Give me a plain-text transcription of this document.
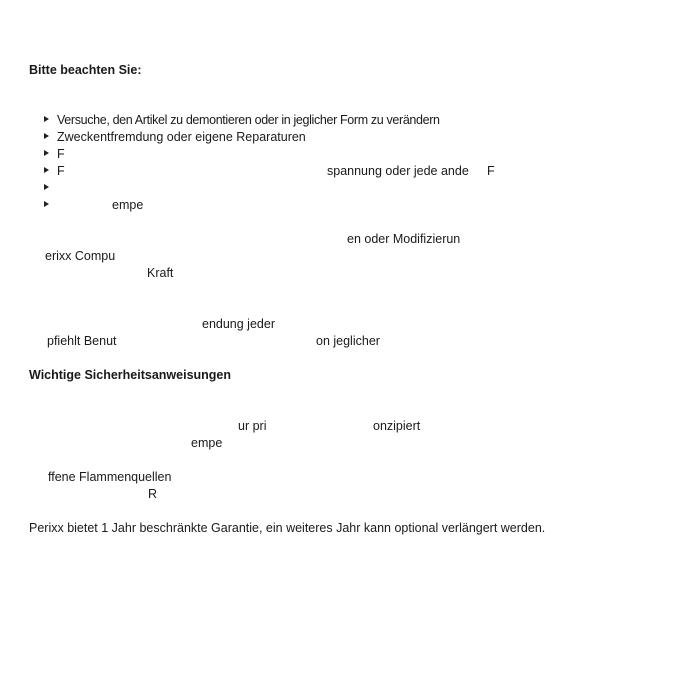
Bitte beachten Sie:
Versuche, den Artikel zu demontieren oder in jeglicher Form zu verändern
Zweckentfremdung oder eigene Reparaturen
F
F	spannung oder jede ande F
empe
en oder Modifizierun
erixx Compu
Kraft
endung jeder
pfiehlt Benut	on jeglicher
Wichtige Sicherheitsanweisungen
ur pri	onzipiert
empe
ffene Flammenquellen
R
Perixx bietet 1 Jahr beschränkte Garantie, ein weiteres Jahr kann optional verlängert werden.
